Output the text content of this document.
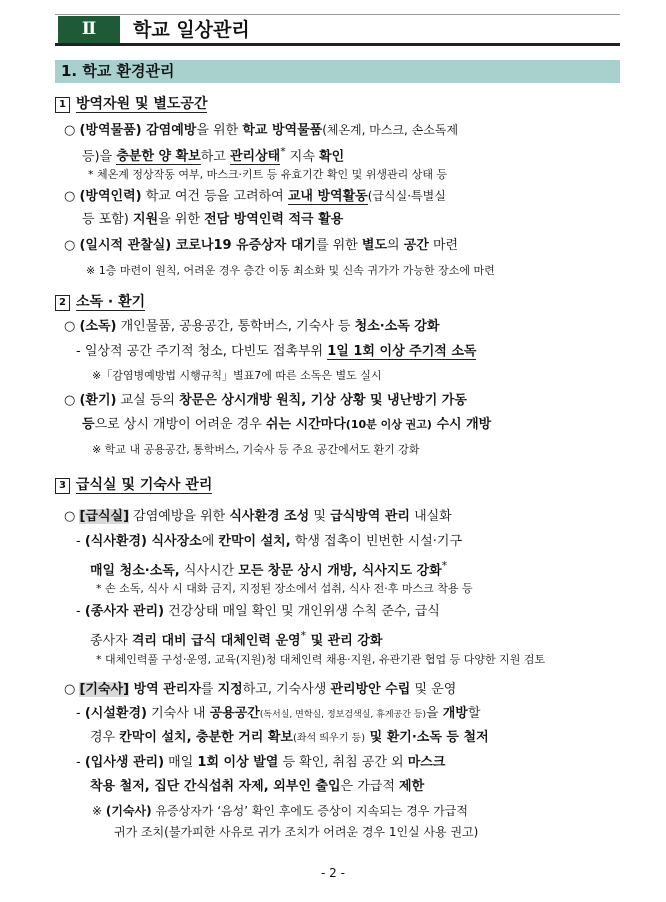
Ⅱ	학교 일상관리
1. 학교 환경관리
1 방역자원 및 별도공간
○ (방역물품) 감염예방을 위한 학교 방역물품(체온계, 마스크, 손소독제
등)을 충분한 양 확보하고 관리상태* 지속 확인
* 체온계 정상작동 여부, 마스크·키트 등 유효기간 확인 및 위생관리 상태 등
○ (방역인력) 학교 여건 등을 고려하여 교내 방역활동(급식실·특별실
등 포함) 지원을 위한 전담 방역인력 적극 활용
○ (일시적 관찰실) 코로나19 유증상자 대기를 위한 별도의 공간 마련
※ 1층 마련이 원칙, 어려운 경우 층간 이동 최소화 및 신속 귀가가 가능한 장소에 마련
2 소독 · 환기
○ (소독) 개인물품, 공용공간, 통학버스, 기숙사 등 청소·소독 강화
- 일상적 공간 주기적 청소, 다빈도 접촉부위 1일 1회 이상 주기적 소독
※「감염병예방법 시행규칙」별표7에 따른 소독은 별도 실시
○ (환기) 교실 등의 창문은 상시개방 원칙, 기상 상황 및 냉난방기 가동
등으로 상시 개방이 어려운 경우 쉬는 시간마다(10분 이상 권고) 수시 개방
※ 학교 내 공용공간, 통학버스, 기숙사 등 주요 공간에서도 환기 강화
3 급식실 및 기숙사 관리
○ [급식실] 감염예방을 위한 식사환경 조성 및 급식방역 관리 내실화
- (식사환경) 식사장소에 칸막이 설치, 학생 접촉이 빈번한 시설·기구
매일 청소·소독, 식사시간 모든 창문 상시 개방, 식사지도 강화*
* 손 소독, 식사 시 대화 금지, 지정된 장소에서 섭취, 식사 전·후 마스크 착용 등
- (종사자 관리) 건강상태 매일 확인 및 개인위생 수칙 준수, 급식
종사자 격리 대비 급식 대체인력 운영* 및 관리 강화
* 대체인력풀 구성·운영, 교육(지원)청 대체인력 채용·지원, 유관기관 협업 등 다양한 지원 검토
○ [기숙사] 방역 관리자를 지정하고, 기숙사생 관리방안 수립 및 운영
- (시설환경) 기숙사 내 공용공간(독서실, 면학실, 정보검색실, 휴게공간 등)을 개방할
경우 칸막이 설치, 충분한 거리 확보(좌석 띄우기 등) 및 환기·소독 등 철저
- (입사생 관리) 매일 1회 이상 발열 등 확인, 취침 공간 외 마스크
착용 철저, 집단 간식섭취 자제, 외부인 출입은 가급적 제한
※ (기숙사) 유증상자가 ‘음성’ 확인 후에도 증상이 지속되는 경우 가급적
귀가 조치(불가피한 사유로 귀가 조치가 어려운 경우 1인실 사용 권고)
- 2 -
